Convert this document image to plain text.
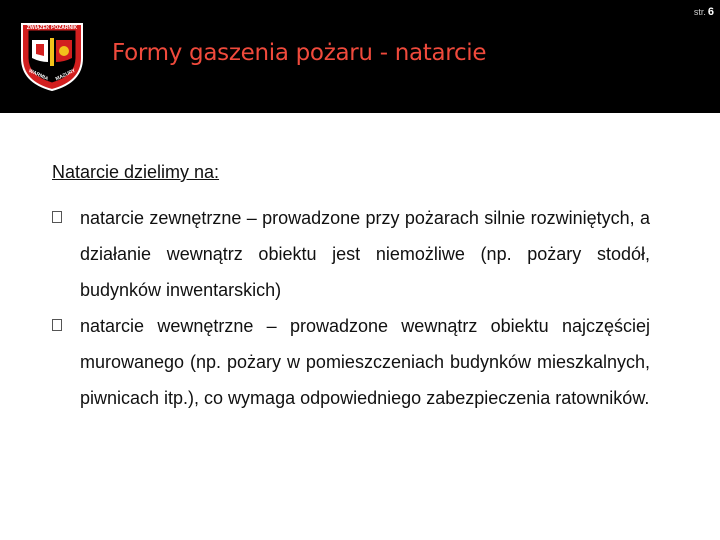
str. 6
ZWIĄZEK POŻARNIK
WARMIA MAZURY
Formy gaszenia pożaru - natarcie
Natarcie dzielimy na:
natarcie zewnętrzne – prowadzone przy pożarach silnie rozwiniętych, a działanie wewnątrz obiektu jest niemożliwe (np. pożary stodół, budynków inwentarskich)
natarcie wewnętrzne – prowadzone wewnątrz obiektu najczęściej murowanego (np. pożary w pomieszczeniach budynków mieszkalnych, piwnicach itp.), co wymaga odpowiedniego zabezpieczenia ratowników.
